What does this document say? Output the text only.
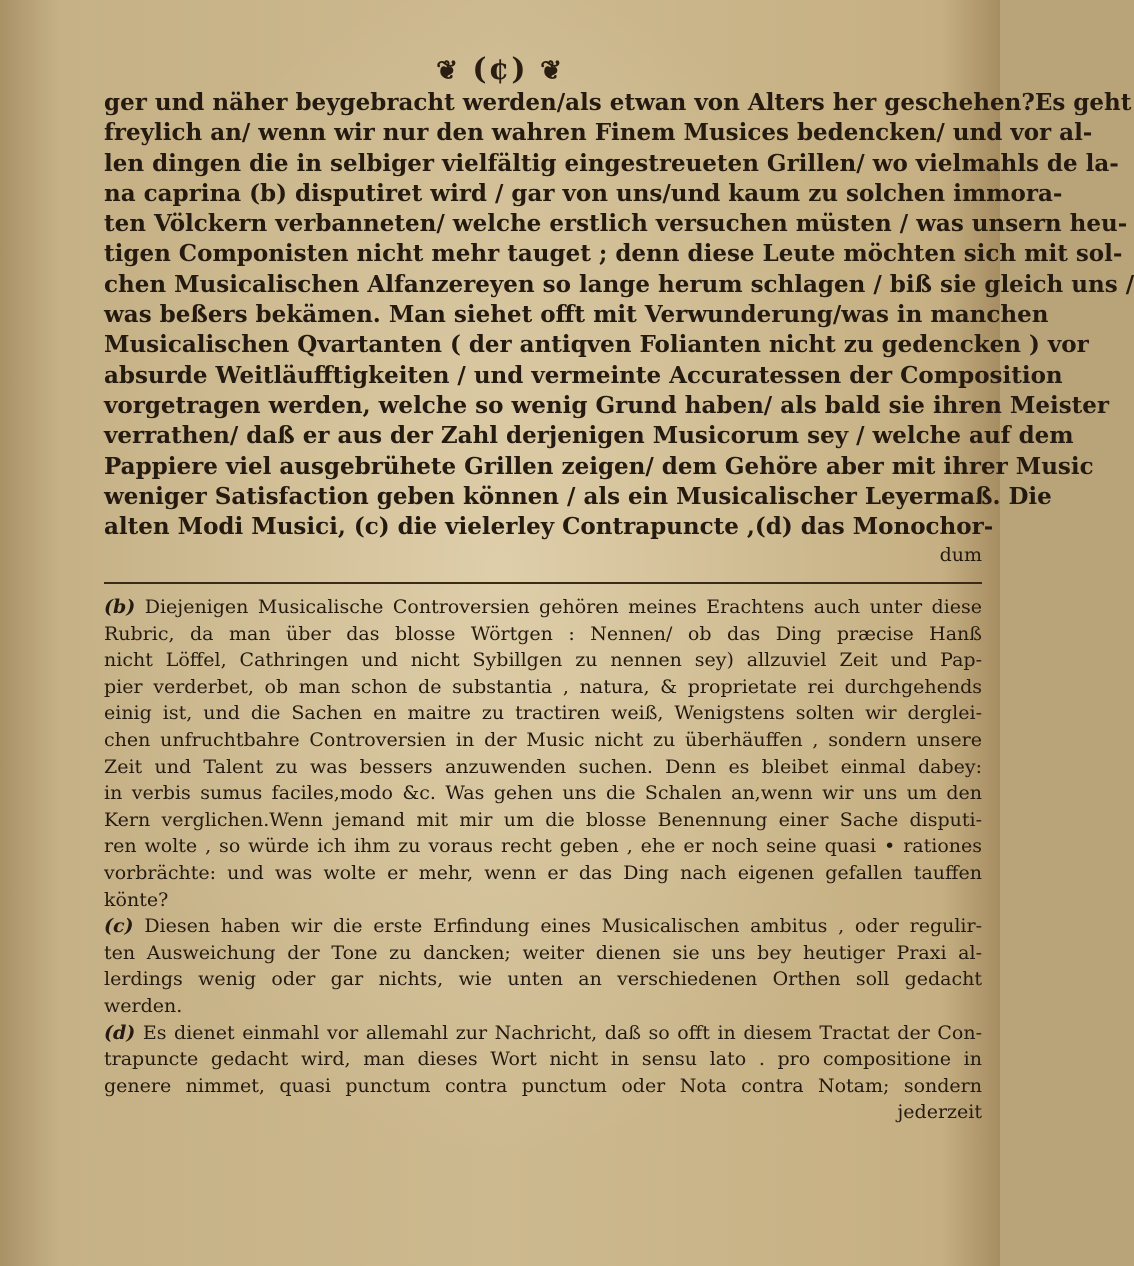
❦ (¢) ❦
ger und näher beygebracht werden/als etwan von Alters her geschehen?Es geht
freylich an/ wenn wir nur den wahren Finem Musices bedencken/ und vor al-
len dingen die in selbiger vielfältig eingestreueten Grillen/ wo vielmahls de la-
na caprina (b) disputiret wird / gar von uns/und kaum zu solchen immora-
ten Völckern verbanneten/ welche erstlich versuchen müsten / was unsern heu-
tigen Componisten nicht mehr tauget ; denn diese Leute möchten sich mit sol-
chen Musicalischen Alfanzereyen so lange herum schlagen / biß sie gleich uns /
was beßers bekämen. Man siehet offt mit Verwunderung/was in manchen
Musicalischen Qvartanten ( der antiqven Folianten nicht zu gedencken ) vor
absurde Weitläufftigkeiten / und vermeinte Accuratessen der Composition
vorgetragen werden, welche so wenig Grund haben/ als bald sie ihren Meister
verrathen/ daß er aus der Zahl derjenigen Musicorum sey / welche auf dem
Pappiere viel ausgebrühete Grillen zeigen/ dem Gehöre aber mit ihrer Music
weniger Satisfaction geben können / als ein Musicalischer Leyermaß. Die
alten Modi Musici, (c) die vielerley Contrapuncte ,(d) das Monochor-
dum
(b) Diejenigen Musicalische Controversien gehören meines Erachtens auch unter diese
Rubric, da man über das blosse Wörtgen : Nennen/ ob das Ding præcise Hanß
nicht Löffel, Cathringen und nicht Sybillgen zu nennen sey) allzuviel Zeit und Pap-
pier verderbet, ob man schon de substantia , natura, & proprietate rei durchgehends
einig ist, und die Sachen en maitre zu tractiren weiß, Wenigstens solten wir derglei-
chen unfruchtbahre Controversien in der Music nicht zu überhäuffen , sondern unsere
Zeit und Talent zu was bessers anzuwenden suchen. Denn es bleibet einmal dabey:
in verbis sumus faciles,modo &c. Was gehen uns die Schalen an,wenn wir uns um den
Kern verglichen.Wenn jemand mit mir um die blosse Benennung einer Sache disputi-
ren wolte , so würde ich ihm zu voraus recht geben , ehe er noch seine quasi • rationes
vorbrächte: und was wolte er mehr, wenn er das Ding nach eigenen gefallen tauffen
könte?
(c) Diesen haben wir die erste Erfindung eines Musicalischen ambitus , oder regulir-
ten Ausweichung der Tone zu dancken; weiter dienen sie uns bey heutiger Praxi al-
lerdings wenig oder gar nichts, wie unten an verschiedenen Orthen soll gedacht
werden.
(d) Es dienet einmahl vor allemahl zur Nachricht, daß so offt in diesem Tractat der Con-
trapuncte gedacht wird, man dieses Wort nicht in sensu lato . pro compositione in
genere nimmet, quasi punctum contra punctum oder Nota contra Notam; sondern
jederzeit
